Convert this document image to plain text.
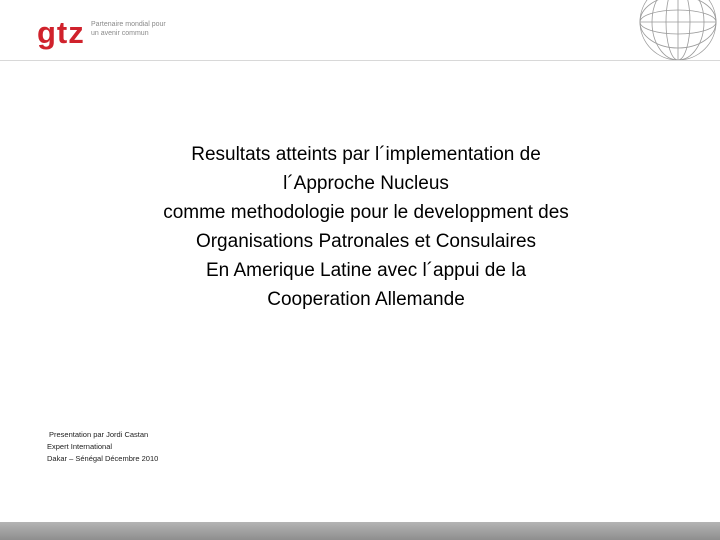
gtz Partenaire mondial pour
un avenir commun
Resultats atteints par l´implementation de
l´Approche Nucleus
comme methodologie pour le developpment des
Organisations Patronales et Consulaires
En Amerique Latine avec l´appui de la
Cooperation Allemande
Presentation par Jordi Castan
Expert International
Dakar – Sénégal Décembre 2010
